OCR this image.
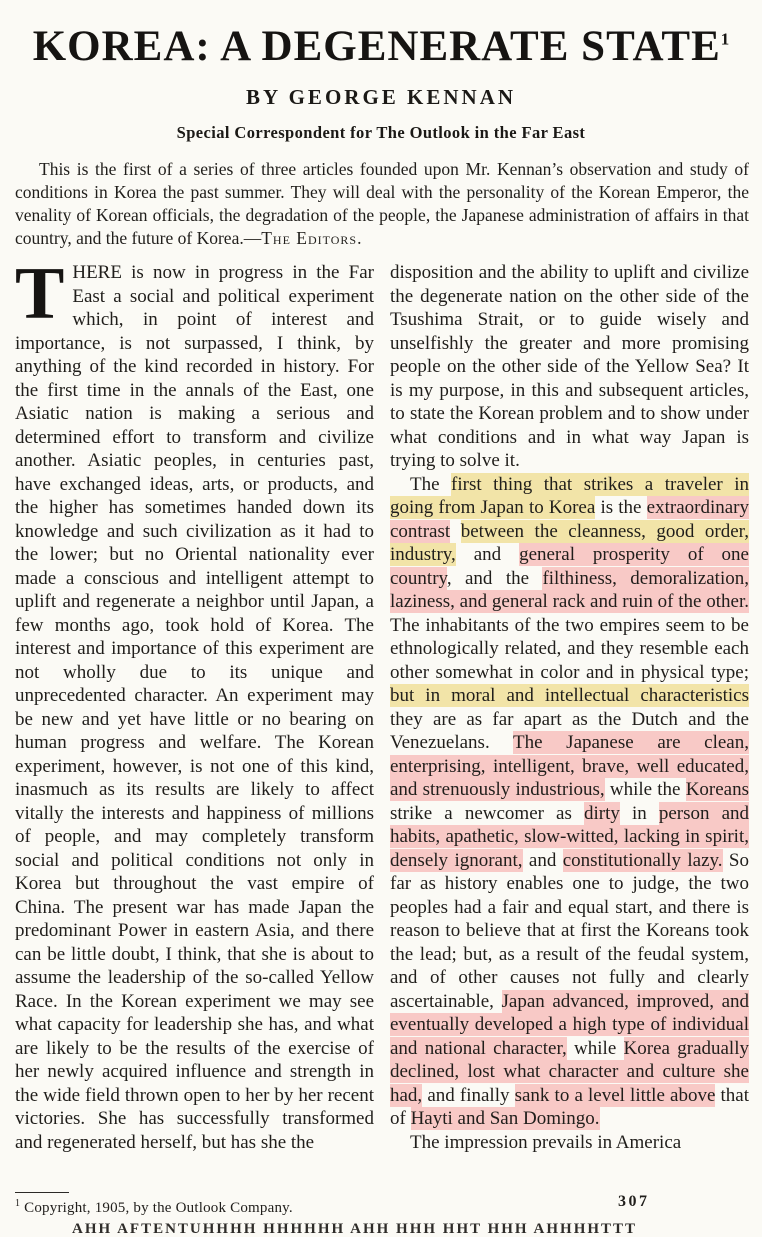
KOREA: A DEGENERATE STATE$^1$
BY GEORGE KENNAN
Special Correspondent for The Outlook in the Far East

This is the first of a series of three articles founded upon Mr. Kennan’s observation and study of conditions in Korea the past summer. They will deal with the personality of the Korean Emperor, the venality of Korean officials, the degradation of the people, the Japanese administration of affairs in that country, and the future of Korea.—The Editors.

THERE is now in progress in the Far East a social and political experiment which, in point of interest and importance, is not surpassed, I think, by anything of the kind recorded in history. For the first time in the annals of the East, one Asiatic nation is making a serious and determined effort to transform and civilize another. Asiatic peoples, in centuries past, have exchanged ideas, arts, or products, and the higher has sometimes handed down its knowledge and such civilization as it had to the lower; but no Oriental nationality ever made a conscious and intelligent attempt to uplift and regenerate a neighbor until Japan, a few months ago, took hold of Korea. The interest and importance of this experiment are not wholly due to its unique and unprecedented character. An experiment may be new and yet have little or no bearing on human progress and welfare. The Korean experiment, however, is not one of this kind, inasmuch as its results are likely to affect vitally the interests and happiness of millions of people, and may completely transform social and political conditions not only in Korea but throughout the vast empire of China. The present war has made Japan the predominant Power in eastern Asia, and there can be little doubt, I think, that she is about to assume the leadership of the so-called Yellow Race. In the Korean experiment we may see what capacity for leadership she has, and what are likely to be the results of the exercise of her newly acquired influence and strength in the wide field thrown open to her by her recent victories. She has successfully transformed and regenerated herself, but has she the

$^1$ Copyright, 1905, by the Outlook Company.

disposition and the ability to uplift and civilize the degenerate nation on the other side of the Tsushima Strait, or to guide wisely and unselfishly the greater and more promising people on the other side of the Yellow Sea? It is my purpose, in this and subsequent articles, to state the Korean problem and to show under what conditions and in what way Japan is trying to solve it.

The first thing that strikes a traveler in going from Japan to Korea is the extraordinary contrast between the cleanness, good order, industry, and general prosperity of one country, and the filthiness, demoralization, laziness, and general rack and ruin of the other. The inhabitants of the two empires seem to be ethnologically related, and they resemble each other somewhat in color and in physical type; but in moral and intellectual characteristics they are as far apart as the Dutch and the Venezuelans. The Japanese are clean, enterprising, intelligent, brave, well educated, and strenuously industrious, while the Koreans strike a newcomer as dirty in person and habits, apathetic, slow-witted, lacking in spirit, densely ignorant, and constitutionally lazy. So far as history enables one to judge, the two peoples had a fair and equal start, and there is reason to believe that at first the Koreans took the lead; but, as a result of the feudal system, and of other causes not fully and clearly ascertainable, Japan advanced, improved, and eventually developed a high type of individual and national character, while Korea gradually declined, lost what character and culture she had, and finally sank to a level little above that of Hayti and San Domingo.

The impression prevails in America

307
AHH AFTENTUHHHH HHHHHH AHH HHH HHT HHH AHHHHTTT
